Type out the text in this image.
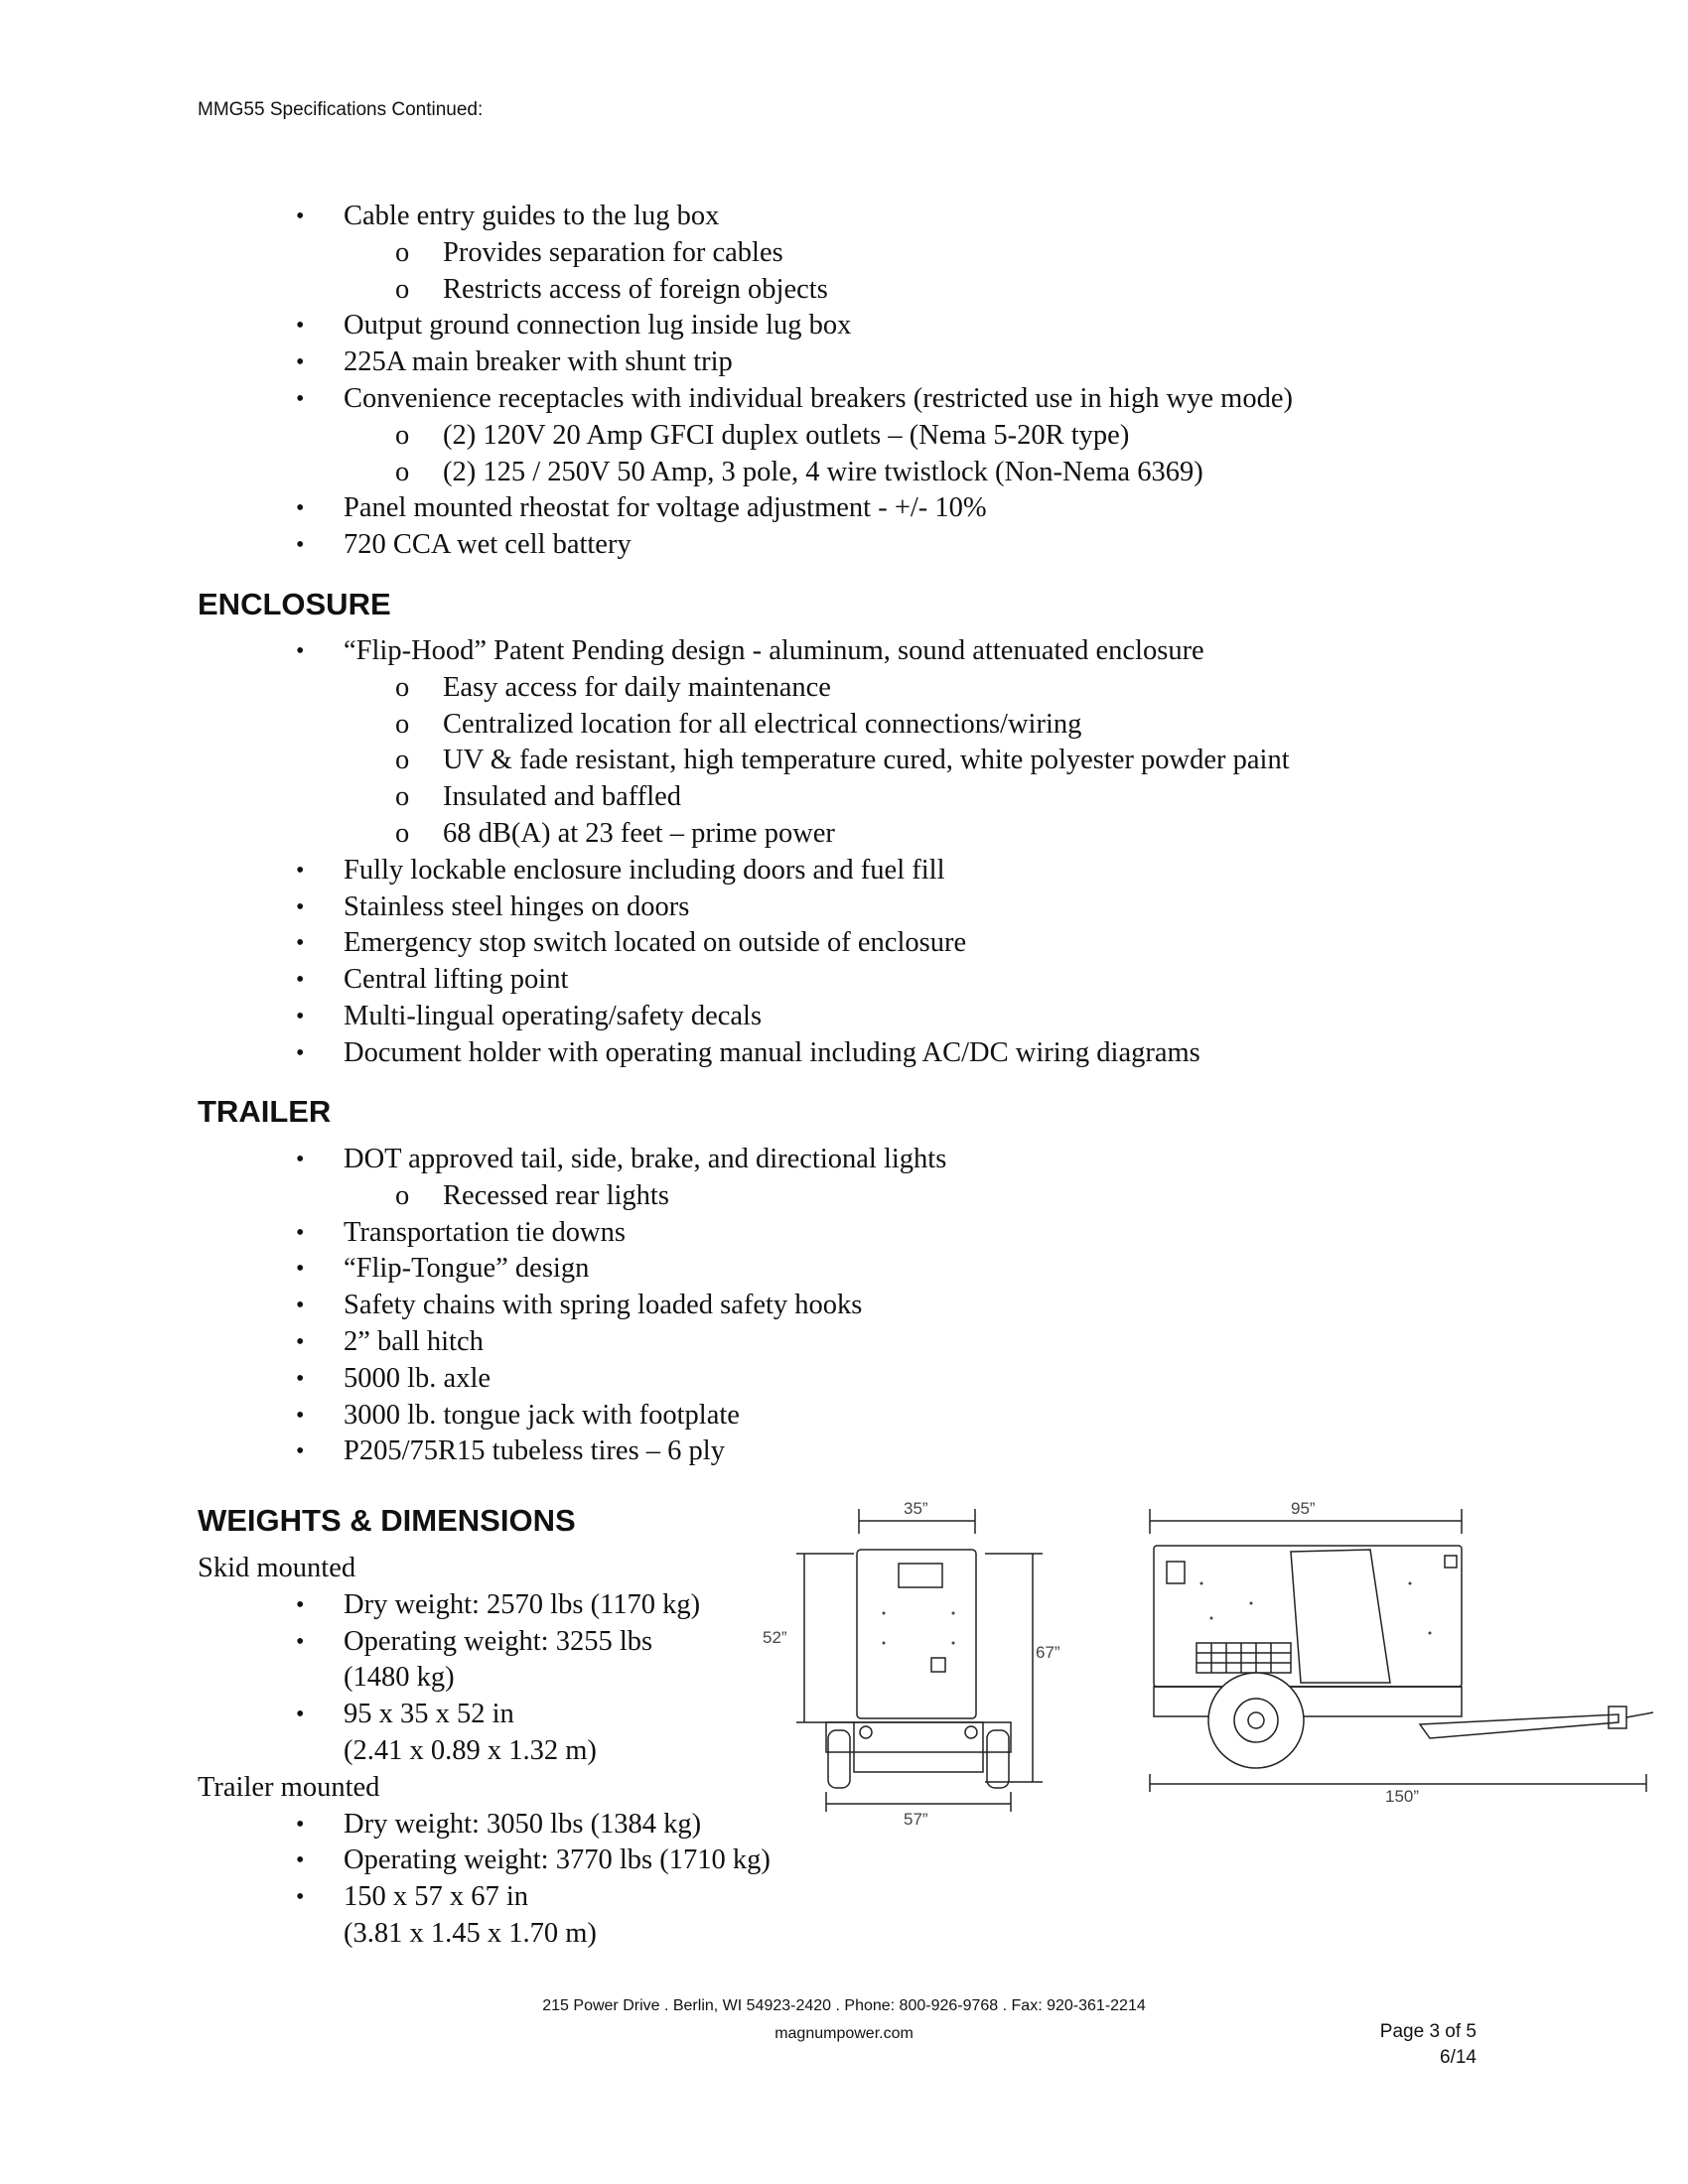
MMG55 Specifications Continued:
• Cable entry guides to the lug box
o Provides separation for cables
o Restricts access of foreign objects
• Output ground connection lug inside lug box
• 225A main breaker with shunt trip
• Convenience receptacles with individual breakers (restricted use in high wye mode)
o (2) 120V 20 Amp GFCI duplex outlets – (Nema 5-20R type)
o (2) 125 / 250V 50 Amp, 3 pole, 4 wire twistlock (Non-Nema 6369)
• Panel mounted rheostat for voltage adjustment - +/- 10%
• 720 CCA wet cell battery
ENCLOSURE
• “Flip-Hood” Patent Pending design - aluminum, sound attenuated enclosure
o Easy access for daily maintenance
o Centralized location for all electrical connections/wiring
o UV & fade resistant, high temperature cured, white polyester powder paint
o Insulated and baffled
o 68 dB(A) at 23 feet – prime power
• Fully lockable enclosure including doors and fuel fill
• Stainless steel hinges on doors
• Emergency stop switch located on outside of enclosure
• Central lifting point
• Multi-lingual operating/safety decals
• Document holder with operating manual including AC/DC wiring diagrams
TRAILER
• DOT approved tail, side, brake, and directional lights
o Recessed rear lights
• Transportation tie downs
• “Flip-Tongue” design
• Safety chains with spring loaded safety hooks
• 2” ball hitch
• 5000 lb. axle
• 3000 lb. tongue jack with footplate
• P205/75R15 tubeless tires – 6 ply
WEIGHTS & DIMENSIONS
Skid mounted
• Dry weight: 2570 lbs (1170 kg)
• Operating weight: 3255 lbs
(1480 kg)
• 95 x 35 x 52 in
(2.41 x 0.89 x 1.32 m)
Trailer mounted
• Dry weight: 3050 lbs (1384 kg)
• Operating weight: 3770 lbs (1710 kg)
• 150 x 57 x 67 in
(3.81 x 1.45 x 1.70 m)
35”
52”
67”
57”
95”
150”
215 Power Drive . Berlin, WI 54923-2420 . Phone: 800-926-9768 . Fax: 920-361-2214
magnumpower.com	Page 3 of 5
6/14
